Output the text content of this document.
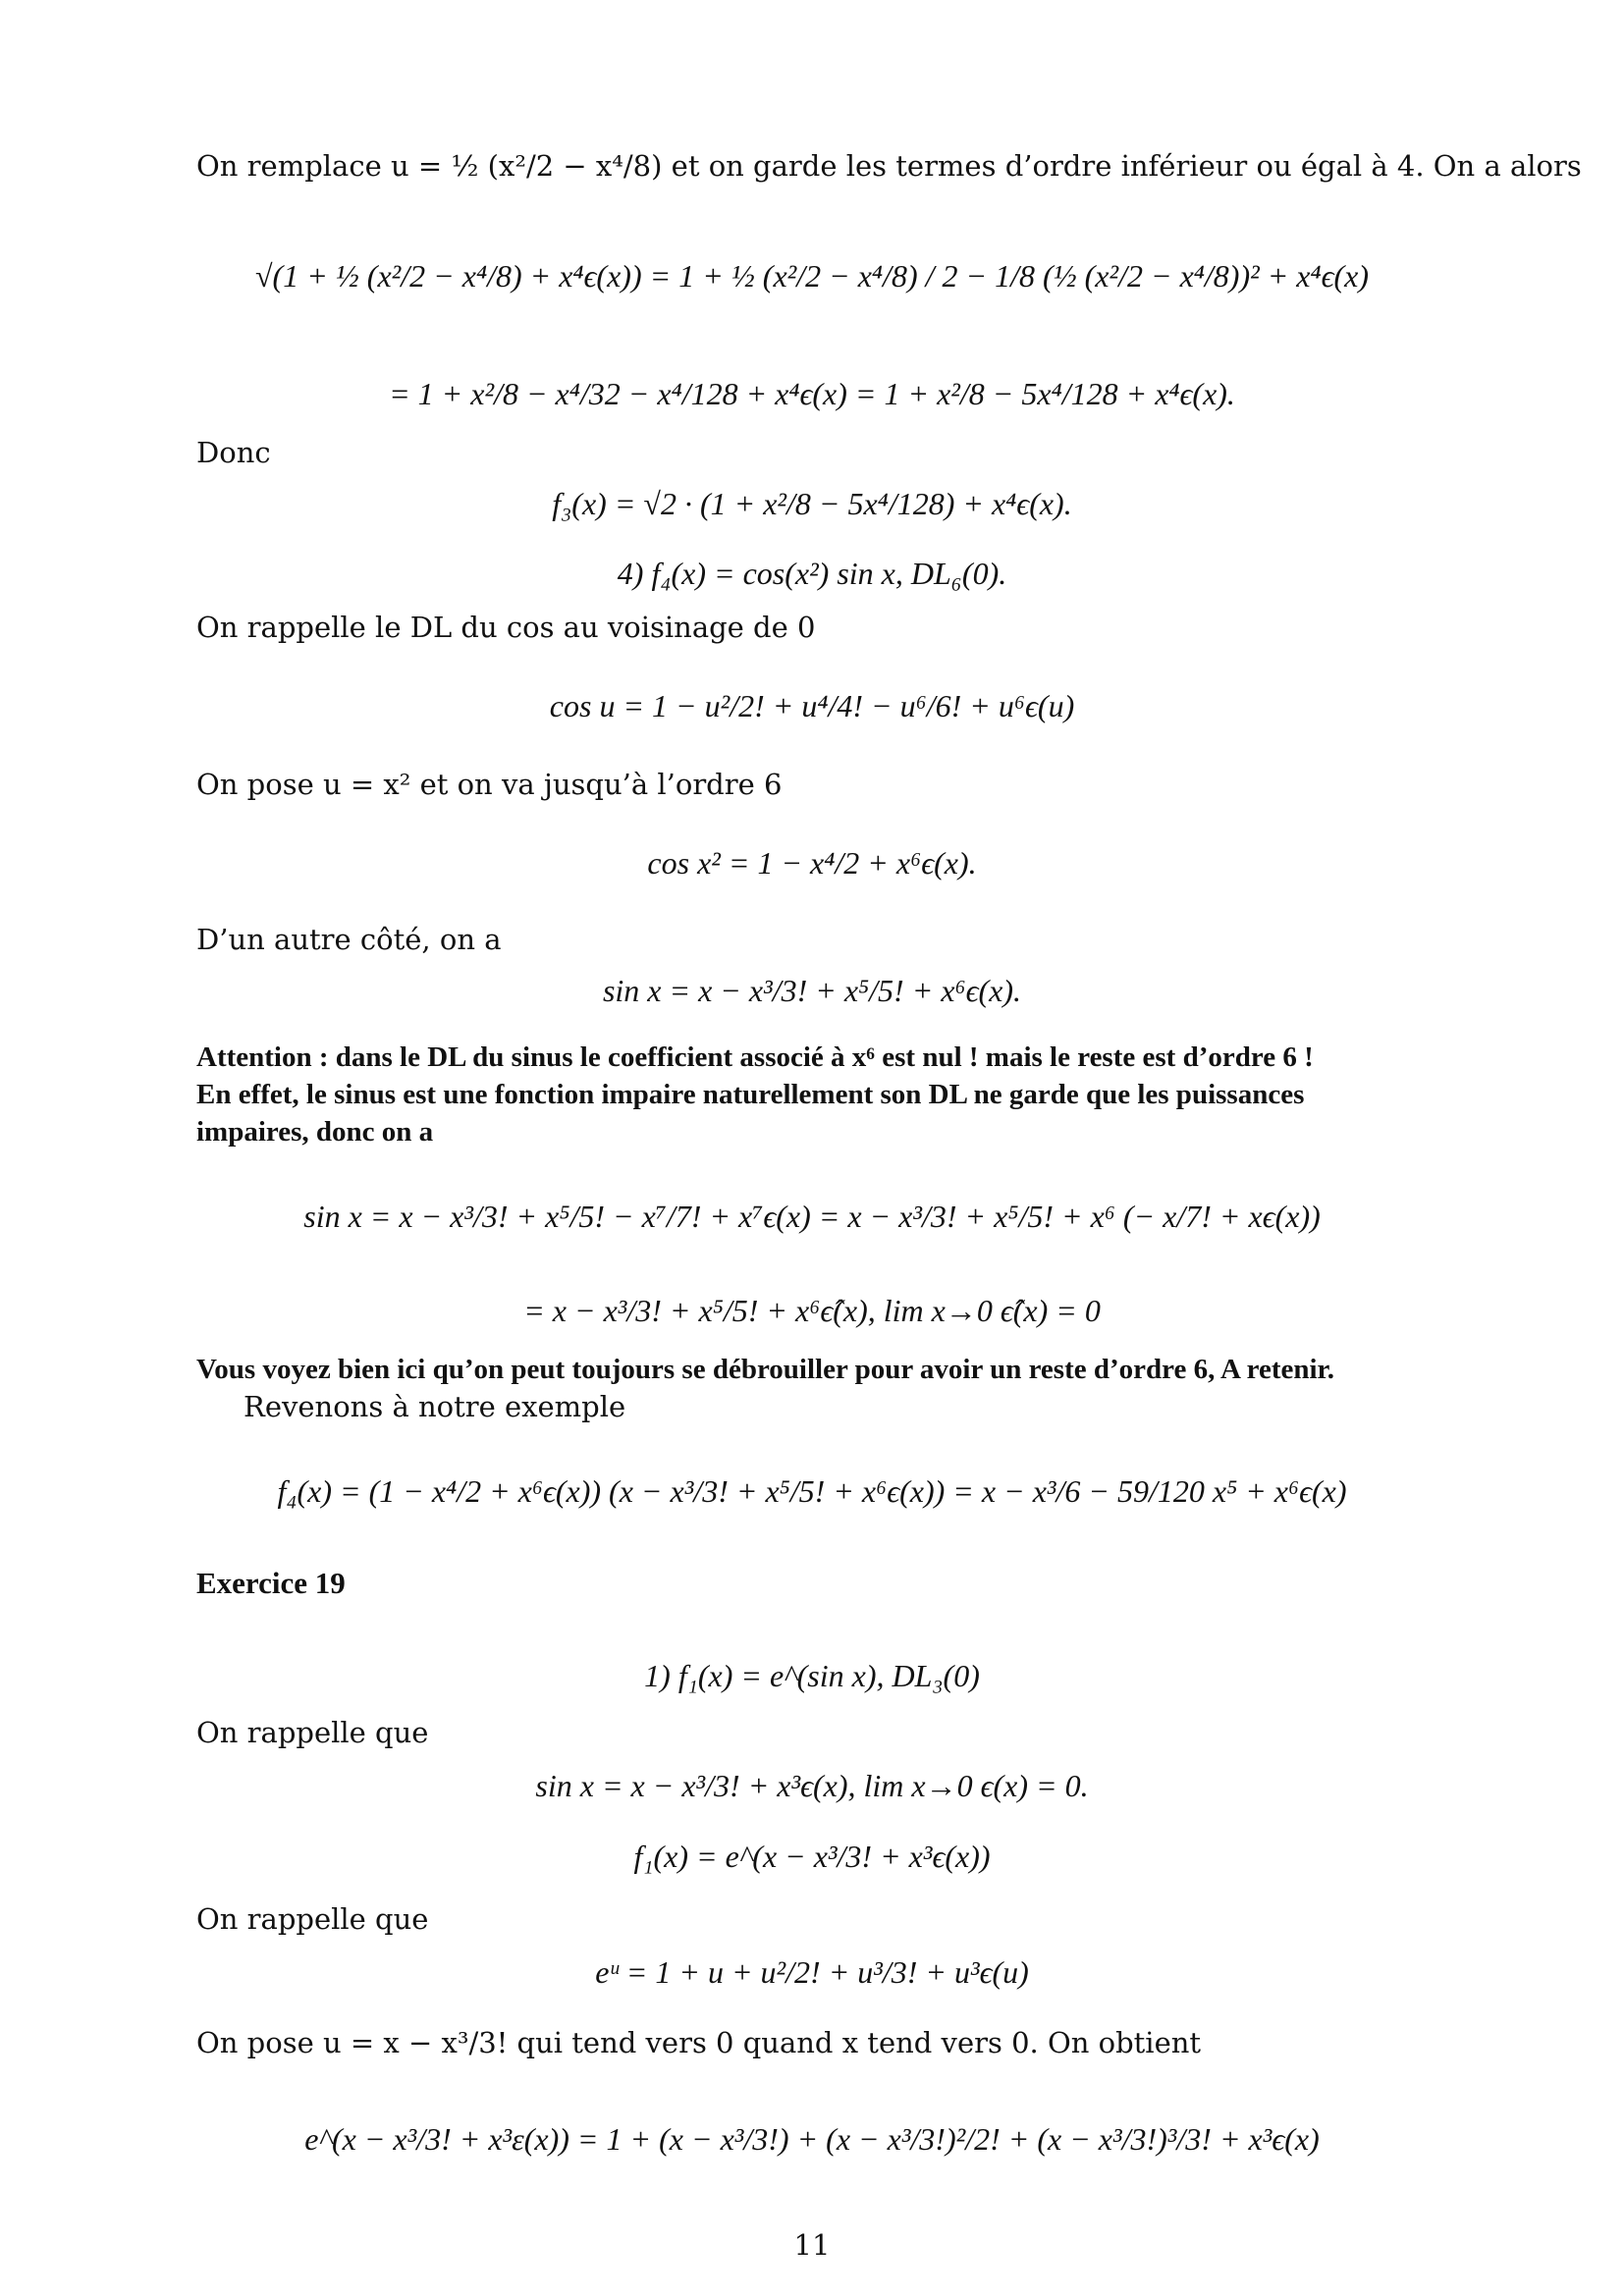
On remplace u = ½ (x²/2 − x⁴/8) et on garde les termes d’ordre inférieur ou égal à 4. On a alors
√(1 + ½ (x²/2 − x⁴/8) + x⁴ϵ(x)) = 1 + ½ (x²/2 − x⁴/8) / 2 − 1/8 (½ (x²/2 − x⁴/8))² + x⁴ϵ(x)
= 1 + x²/8 − x⁴/32 − x⁴/128 + x⁴ϵ(x) = 1 + x²/8 − 5x⁴/128 + x⁴ϵ(x).
Donc
f₃(x) = √2 · (1 + x²/8 − 5x⁴/128) + x⁴ϵ(x).
4) f₄(x) = cos(x²) sin x, DL₆(0).
On rappelle le DL du cos au voisinage de 0
cos u = 1 − u²/2! + u⁴/4! − u⁶/6! + u⁶ϵ(u)
On pose u = x² et on va jusqu’à l’ordre 6
cos x² = 1 − x⁴/2 + x⁶ϵ(x).
D’un autre côté, on a
sin x = x − x³/3! + x⁵/5! + x⁶ϵ(x).
Attention : dans le DL du sinus le coefficient associé à x⁶ est nul ! mais le reste est d’ordre 6 !
En effet, le sinus est une fonction impaire naturellement son DL ne garde que les puissances
impaires, donc on a
sin x = x − x³/3! + x⁵/5! − x⁷/7! + x⁷ϵ(x) = x − x³/3! + x⁵/5! + x⁶ (− x/7! + xϵ(x))
= x − x³/3! + x⁵/5! + x⁶ϵ̂(x), lim x→0 ϵ̂(x) = 0
Vous voyez bien ici qu’on peut toujours se débrouiller pour avoir un reste d’ordre 6, A retenir.
Revenons à notre exemple
f₄(x) = (1 − x⁴/2 + x⁶ϵ(x)) (x − x³/3! + x⁵/5! + x⁶ϵ(x)) = x − x³/6 − 59/120 x⁵ + x⁶ϵ(x)
Exercice 19
1) f₁(x) = e^(sin x), DL₃(0)
On rappelle que
sin x = x − x³/3! + x³ϵ(x), lim x→0 ϵ(x) = 0.
f₁(x) = e^(x − x³/3! + x³ϵ(x))
On rappelle que
eᵘ = 1 + u + u²/2! + u³/3! + u³ϵ(u)
On pose u = x − x³/3! qui tend vers 0 quand x tend vers 0. On obtient
e^(x − x³/3! + x³ε(x)) = 1 + (x − x³/3!) + (x − x³/3!)²/2! + (x − x³/3!)³/3! + x³ϵ(x)
11
